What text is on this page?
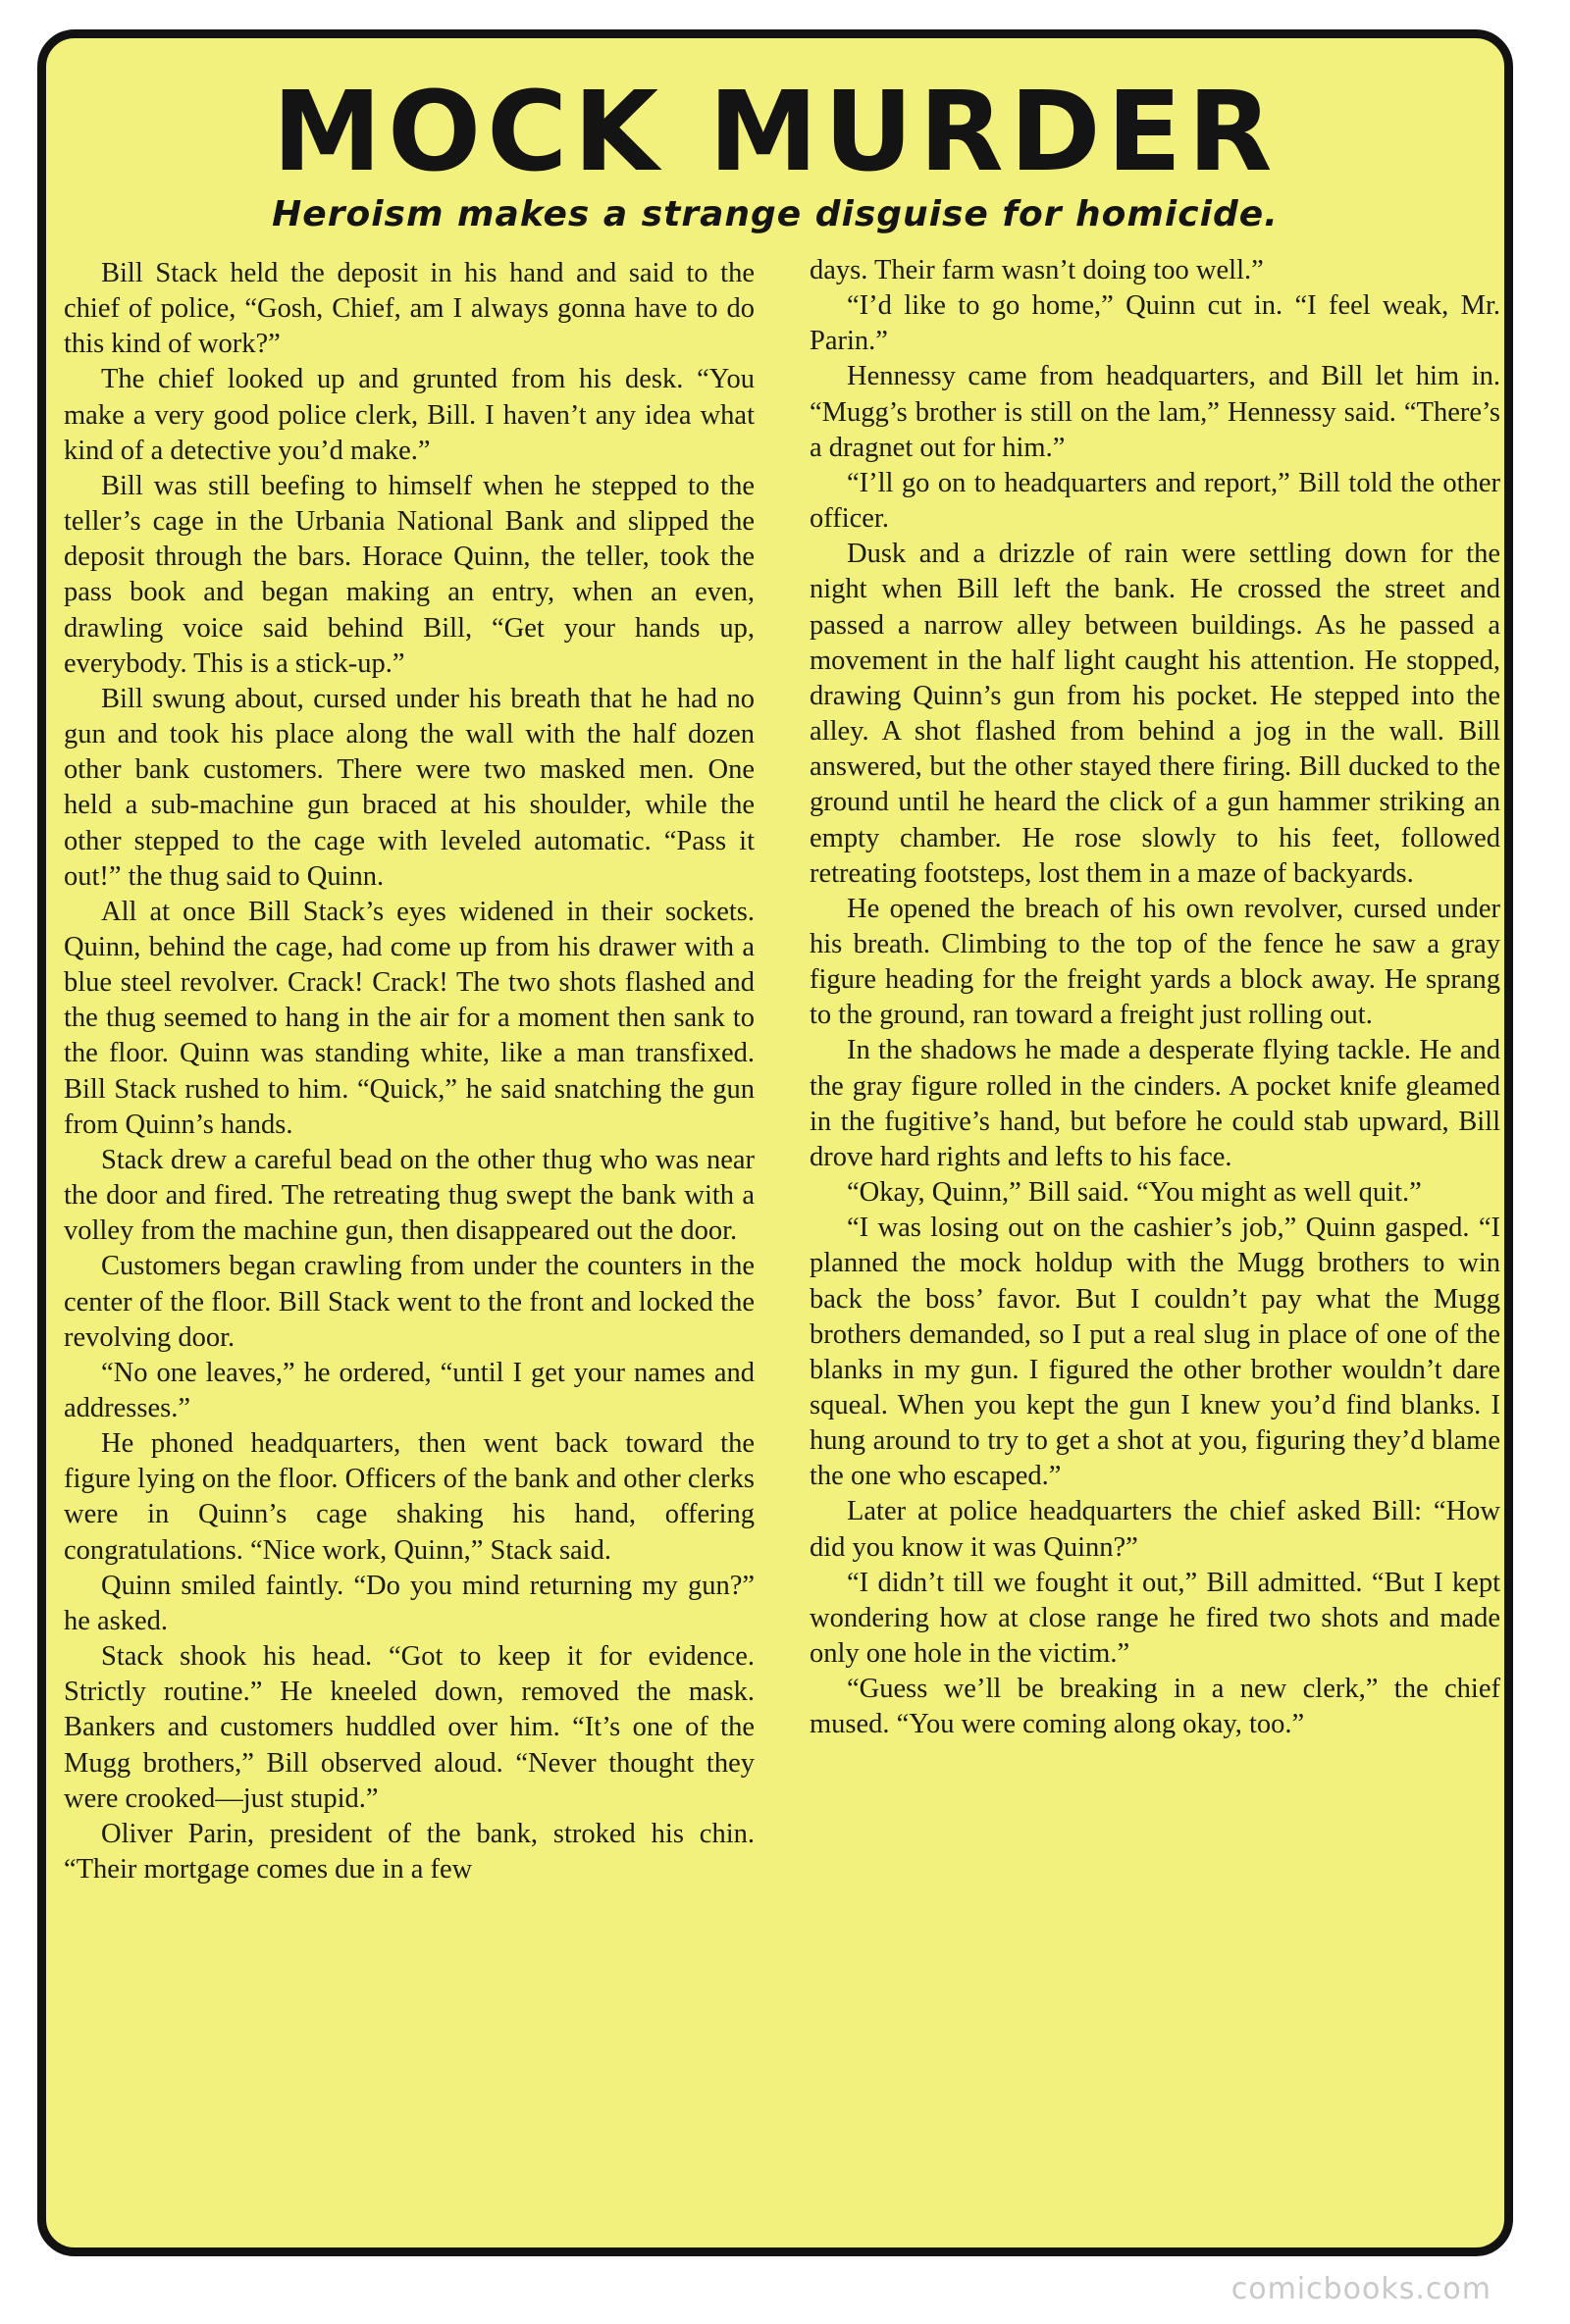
MOCK MURDER
Heroism makes a strange disguise for homicide.

Bill Stack held the deposit in his hand and said to the chief of police, “Gosh, Chief, am I always gonna have to do this kind of work?”

The chief looked up and grunted from his desk. “You make a very good police clerk, Bill. I haven’t any idea what kind of a detective you’d make.”

Bill was still beefing to himself when he stepped to the teller’s cage in the Urbania National Bank and slipped the deposit through the bars. Horace Quinn, the teller, took the pass book and began making an entry, when an even, drawling voice said behind Bill, “Get your hands up, everybody. This is a stick-up.”

Bill swung about, cursed under his breath that he had no gun and took his place along the wall with the half dozen other bank customers. There were two masked men. One held a sub-machine gun braced at his shoulder, while the other stepped to the cage with leveled automatic. “Pass it out!” the thug said to Quinn.

All at once Bill Stack’s eyes widened in their sockets. Quinn, behind the cage, had come up from his drawer with a blue steel revolver. Crack! Crack! The two shots flashed and the thug seemed to hang in the air for a moment then sank to the floor. Quinn was standing white, like a man transfixed. Bill Stack rushed to him. “Quick,” he said snatching the gun from Quinn’s hands.

Stack drew a careful bead on the other thug who was near the door and fired. The retreating thug swept the bank with a volley from the machine gun, then disappeared out the door.

Customers began crawling from under the counters in the center of the floor. Bill Stack went to the front and locked the revolving door.

“No one leaves,” he ordered, “until I get your names and addresses.”

He phoned headquarters, then went back toward the figure lying on the floor. Officers of the bank and other clerks were in Quinn’s cage shaking his hand, offering congratulations. “Nice work, Quinn,” Stack said.

Quinn smiled faintly. “Do you mind returning my gun?” he asked.

Stack shook his head. “Got to keep it for evidence. Strictly routine.” He kneeled down, removed the mask. Bankers and customers huddled over him. “It’s one of the Mugg brothers,” Bill observed aloud. “Never thought they were crooked—just stupid.”

Oliver Parin, president of the bank, stroked his chin. “Their mortgage comes due in a few

days. Their farm wasn’t doing too well.”

“I’d like to go home,” Quinn cut in. “I feel weak, Mr. Parin.”

Hennessy came from headquarters, and Bill let him in. “Mugg’s brother is still on the lam,” Hennessy said. “There’s a dragnet out for him.”

“I’ll go on to headquarters and report,” Bill told the other officer.

Dusk and a drizzle of rain were settling down for the night when Bill left the bank. He crossed the street and passed a narrow alley between buildings. As he passed a movement in the half light caught his attention. He stopped, drawing Quinn’s gun from his pocket. He stepped into the alley. A shot flashed from behind a jog in the wall. Bill answered, but the other stayed there firing. Bill ducked to the ground until he heard the click of a gun hammer striking an empty chamber. He rose slowly to his feet, followed retreating footsteps, lost them in a maze of backyards.

He opened the breach of his own revolver, cursed under his breath. Climbing to the top of the fence he saw a gray figure heading for the freight yards a block away. He sprang to the ground, ran toward a freight just rolling out.

In the shadows he made a desperate flying tackle. He and the gray figure rolled in the cinders. A pocket knife gleamed in the fugitive’s hand, but before he could stab upward, Bill drove hard rights and lefts to his face.

“Okay, Quinn,” Bill said. “You might as well quit.”

“I was losing out on the cashier’s job,” Quinn gasped. “I planned the mock holdup with the Mugg brothers to win back the boss’ favor. But I couldn’t pay what the Mugg brothers demanded, so I put a real slug in place of one of the blanks in my gun. I figured the other brother wouldn’t dare squeal. When you kept the gun I knew you’d find blanks. I hung around to try to get a shot at you, figuring they’d blame the one who escaped.”

Later at police headquarters the chief asked Bill: “How did you know it was Quinn?”

“I didn’t till we fought it out,” Bill admitted. “But I kept wondering how at close range he fired two shots and made only one hole in the victim.”

“Guess we’ll be breaking in a new clerk,” the chief mused. “You were coming along okay, too.”

comicbooks.com
